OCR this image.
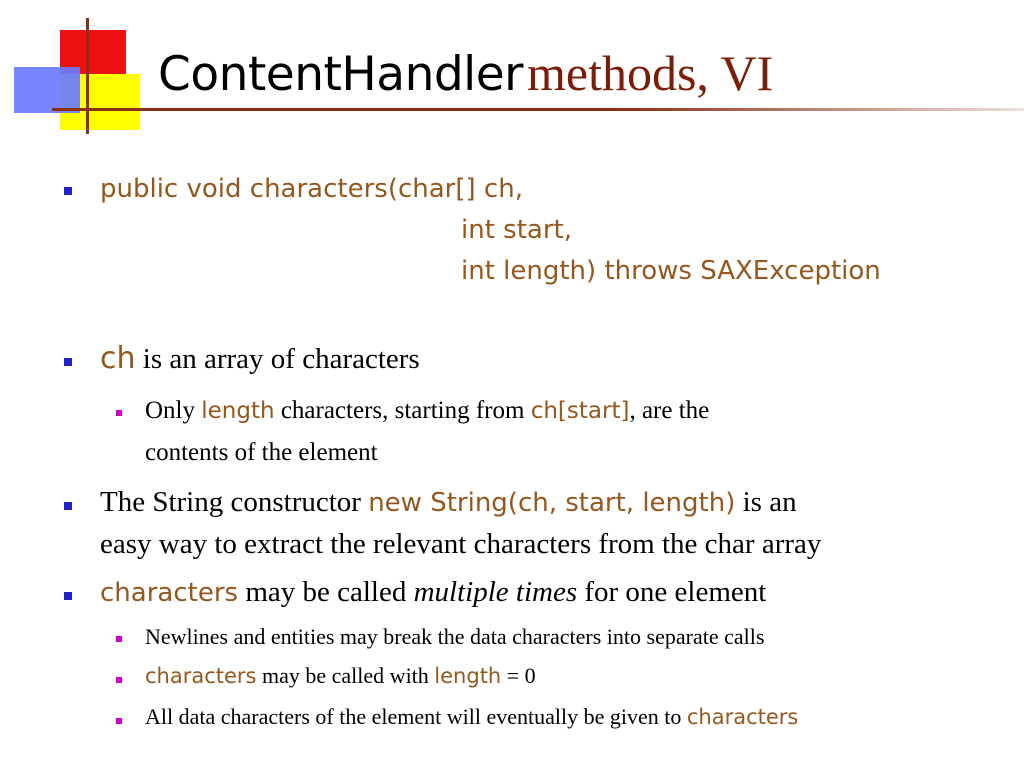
ContentHandler methods, VI
public void characters(char[] ch,
int start,
int length) throws SAXException
ch is an array of characters
Only length characters, starting from ch[start], are the
contents of the element
The String constructor new String(ch, start, length) is an
easy way to extract the relevant characters from the char array
characters may be called multiple times for one element
Newlines and entities may break the data characters into separate calls
characters may be called with length = 0
All data characters of the element will eventually be given to characters
